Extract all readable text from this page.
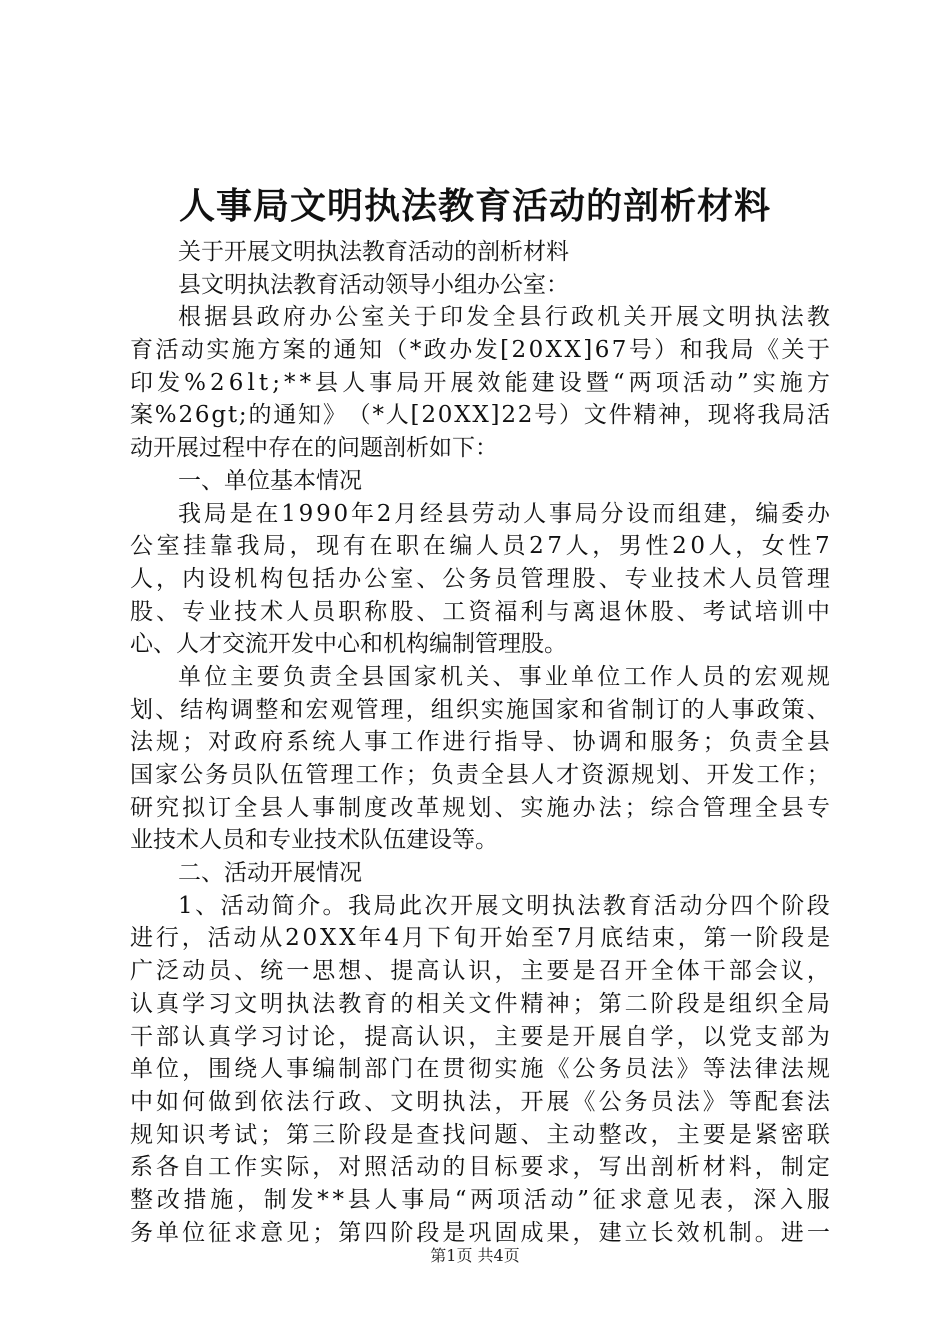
人事局文明执法教育活动的剖析材料
关于开展文明执法教育活动的剖析材料
县文明执法教育活动领导小组办公室：
根 据 县 政 府 办 公 室 关 于 印 发 全 县 行 政 机 关 开 展 文 明 执 法 教
育 活 动 实 施 方 案 的 通 知 （ * 政 办 发 [ 2 0 X X ] 6 7 号 ） 和 我 局 《 关 于
印 发 % 2 6 l t ; * * 县 人 事 局 开 展 效 能 建 设 暨 “ 两 项 活 动 ” 实 施 方
案 % 2 6 g t ; 的 通 知 》 （ * 人 [ 2 0 X X ] 2 2 号 ） 文 件 精 神 ， 现 将 我 局 活
动开展过程中存在的问题剖析如下：
一、单位基本情况
我 局 是 在 1 9 9 0 年 2 月 经 县 劳 动 人 事 局 分 设 而 组 建 ， 编 委 办
公 室 挂 靠 我 局 ， 现 有 在 职 在 编 人 员 2 7 人 ， 男 性 2 0 人 ， 女 性 7
人 ， 内 设 机 构 包 括 办 公 室 、 公 务 员 管 理 股 、 专 业 技 术 人 员 管 理
股 、 专 业 技 术 人 员 职 称 股 、 工 资 福 利 与 离 退 休 股 、 考 试 培 训 中
心、人才交流开发中心和机构编制管理股。
单 位 主 要 负 责 全 县 国 家 机 关 、 事 业 单 位 工 作 人 员 的 宏 观 规
划 、 结 构 调 整 和 宏 观 管 理 ， 组 织 实 施 国 家 和 省 制 订 的 人 事 政 策 、
法 规 ； 对 政 府 系 统 人 事 工 作 进 行 指 导 、 协 调 和 服 务 ； 负 责 全 县
国 家 公 务 员 队 伍 管 理 工 作 ； 负 责 全 县 人 才 资 源 规 划 、 开 发 工 作 ；
研 究 拟 订 全 县 人 事 制 度 改 革 规 划 、 实 施 办 法 ； 综 合 管 理 全 县 专
业技术人员和专业技术队伍建设等。
二、活动开展情况
1 、 活 动 简 介 。 我 局 此 次 开 展 文 明 执 法 教 育 活 动 分 四 个 阶 段
进 行 ， 活 动 从 2 0 X X 年 4 月 下 旬 开 始 至 7 月 底 结 束 ， 第 一 阶 段 是
广 泛 动 员 、 统 一 思 想 、 提 高 认 识 ， 主 要 是 召 开 全 体 干 部 会 议 ，
认 真 学 习 文 明 执 法 教 育 的 相 关 文 件 精 神 ； 第 二 阶 段 是 组 织 全 局
干 部 认 真 学 习 讨 论 ， 提 高 认 识 ， 主 要 是 开 展 自 学 ， 以 党 支 部 为
单 位 ， 围 绕 人 事 编 制 部 门 在 贯 彻 实 施 《 公 务 员 法 》 等 法 律 法 规
中 如 何 做 到 依 法 行 政 、 文 明 执 法 ， 开 展 《 公 务 员 法 》 等 配 套 法
规 知 识 考 试 ； 第 三 阶 段 是 查 找 问 题 、 主 动 整 改 ， 主 要 是 紧 密 联
系 各 自 工 作 实 际 ， 对 照 活 动 的 目 标 要 求 ， 写 出 剖 析 材 料 ， 制 定
整 改 措 施 ， 制 发 * * 县 人 事 局 “ 两 项 活 动 ” 征 求 意 见 表 ， 深 入 服
务 单 位 征 求 意 见 ； 第 四 阶 段 是 巩 固 成 果 ， 建 立 长 效 机 制 。 进 一
第1页 共4页
